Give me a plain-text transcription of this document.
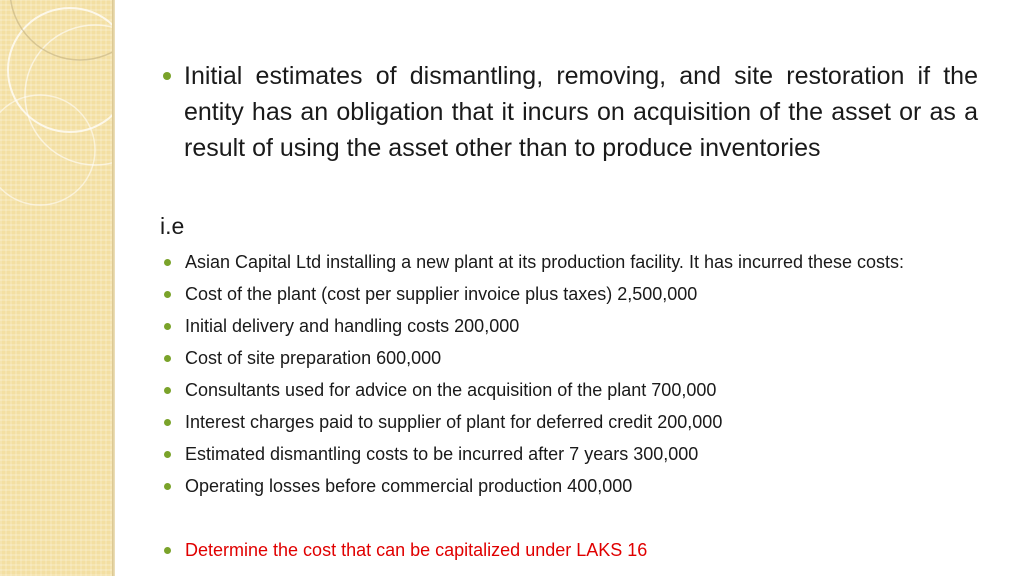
Initial estimates of dismantling, removing, and site restoration if the entity has an obligation that it incurs on acquisition of the asset or as a result of using the asset other than to produce inventories
i.e
Asian Capital Ltd installing a new plant at its production facility. It has incurred these costs:
Cost of the plant (cost per supplier invoice plus taxes) 2,500,000
Initial delivery and handling costs 200,000
Cost of site preparation 600,000
Consultants used for advice on the acquisition of the plant 700,000
Interest charges paid to supplier of plant for deferred credit 200,000
Estimated dismantling costs to be incurred after 7 years 300,000
Operating losses before commercial production 400,000
Determine the cost that can be capitalized under LAKS 16
